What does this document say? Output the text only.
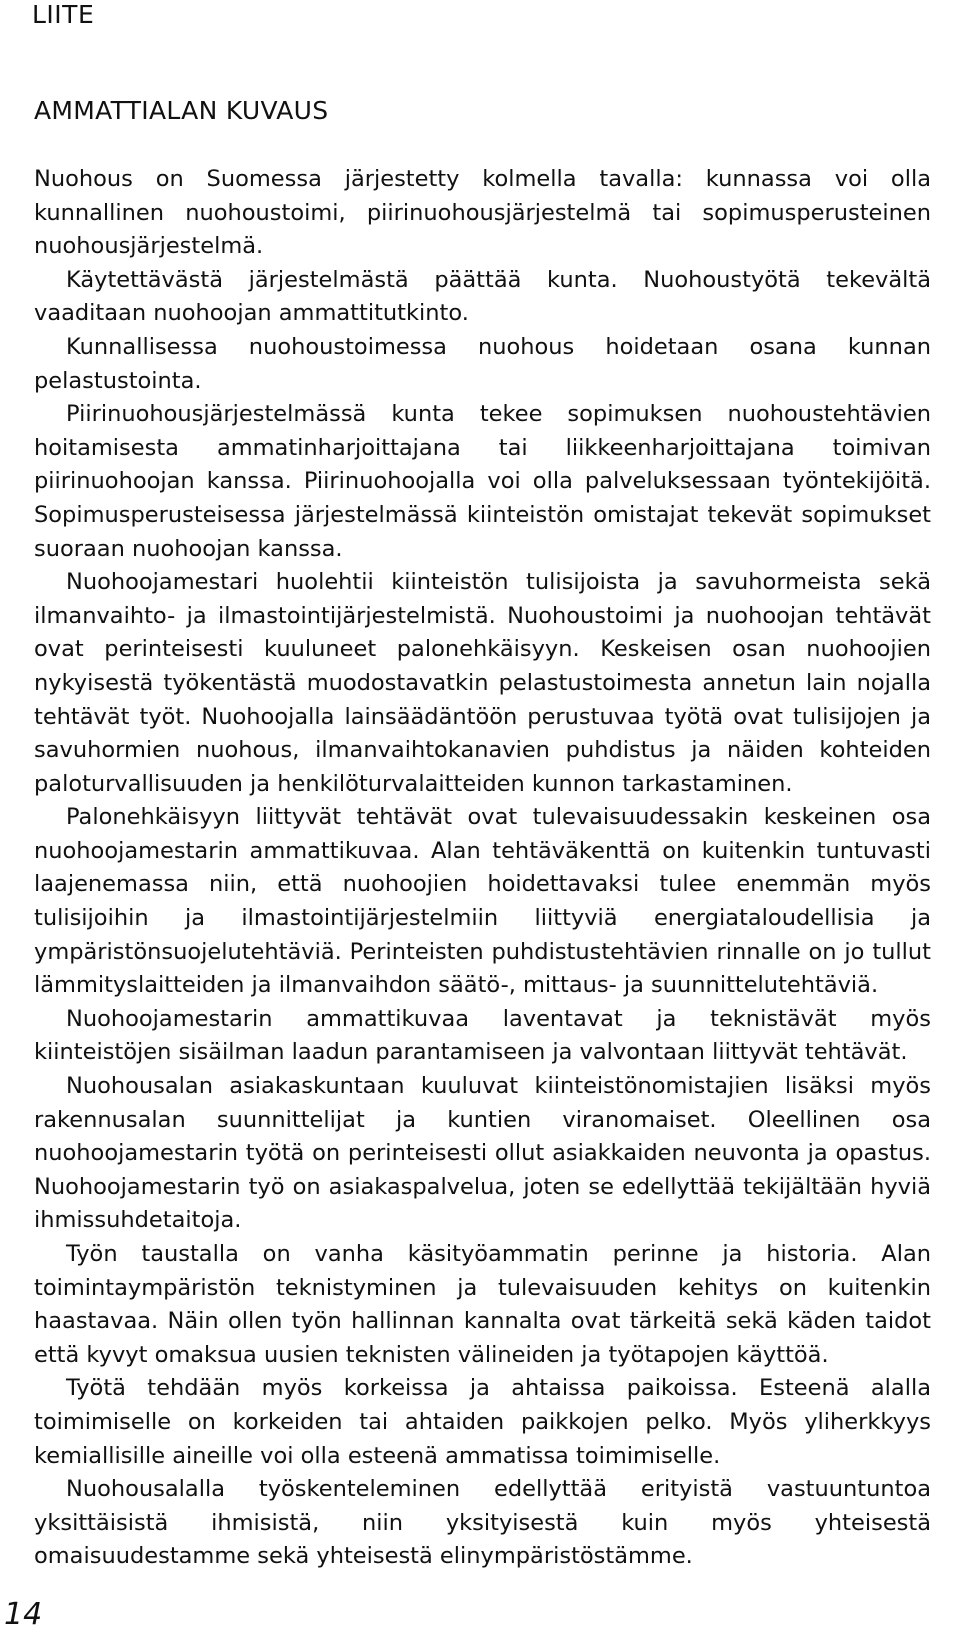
LIITE
AMMATTIALAN KUVAUS

Nuohous on Suomessa järjestetty kolmella tavalla: kunnassa voi olla kunnallinen nuohoustoimi, piirinuohousjärjestelmä tai sopimusperusteinen nuohousjärjestelmä.

Käytettävästä järjestelmästä päättää kunta. Nuohoustyötä tekevältä vaaditaan nuohoojan ammattitutkinto.

Kunnallisessa nuohoustoimessa nuohous hoidetaan osana kunnan pelastustointa.

Piirinuohousjärjestelmässä kunta tekee sopimuksen nuohoustehtävien hoitamisesta ammatinharjoittajana tai liikkeenharjoittajana toimivan piirinuohoojan kanssa. Piirinuohoojalla voi olla palveluksessaan työntekijöitä. Sopimusperusteisessa järjestelmässä kiinteistön omistajat tekevät sopimukset suoraan nuohoojan kanssa.

Nuohoojamestari huolehtii kiinteistön tulisijoista ja savuhormeista sekä ilmanvaihto- ja ilmastointijärjestelmistä. Nuohoustoimi ja nuohoojan tehtävät ovat perinteisesti kuuluneet palonehkäisyyn. Keskeisen osan nuohoojien nykyisestä työkentästä muodostavatkin pelastustoimesta annetun lain nojalla tehtävät työt. Nuohoojalla lainsäädäntöön perustuvaa työtä ovat tulisijojen ja savuhormien nuohous, ilmanvaihtokanavien puhdistus ja näiden kohteiden paloturvallisuuden ja henkilöturvalaitteiden kunnon tarkastaminen.

Palonehkäisyyn liittyvät tehtävät ovat tulevaisuudessakin keskeinen osa nuohoojamestarin ammattikuvaa. Alan tehtäväkenttä on kuitenkin tuntuvasti laajenemassa niin, että nuohoojien hoidettavaksi tulee enemmän myös tulisijoihin ja ilmastointijärjestelmiin liittyviä energiataloudellisia ja ympäristönsuojelutehtäviä. Perinteisten puhdistustehtävien rinnalle on jo tullut lämmityslaitteiden ja ilmanvaihdon säätö-, mittaus- ja suunnittelutehtäviä.

Nuohoojamestarin ammattikuvaa laventavat ja teknistävät myös kiinteistöjen sisäilman laadun parantamiseen ja valvontaan liittyvät tehtävät.

Nuohousalan asiakaskuntaan kuuluvat kiinteistönomistajien lisäksi myös rakennusalan suunnittelijat ja kuntien viranomaiset. Oleellinen osa nuohoojamestarin työtä on perinteisesti ollut asiakkaiden neuvonta ja opastus. Nuohoojamestarin työ on asiakaspalvelua, joten se edellyttää tekijältään hyviä ihmissuhdetaitoja.

Työn taustalla on vanha käsityöammatin perinne ja historia. Alan toimintaympäristön teknistyminen ja tulevaisuuden kehitys on kuitenkin haastavaa. Näin ollen työn hallinnan kannalta ovat tärkeitä sekä käden taidot että kyvyt omaksua uusien teknisten välineiden ja työtapojen käyttöä.

Työtä tehdään myös korkeissa ja ahtaissa paikoissa. Esteenä alalla toimimiselle on korkeiden tai ahtaiden paikkojen pelko. Myös yliherkkyys kemiallisille aineille voi olla esteenä ammatissa toimimiselle.

Nuohousalalla työskenteleminen edellyttää erityistä vastuuntuntoa yksittäisistä ihmisistä, niin yksityisestä kuin myös yhteisestä omaisuudestamme sekä yhteisestä elinympäristöstämme.

14
